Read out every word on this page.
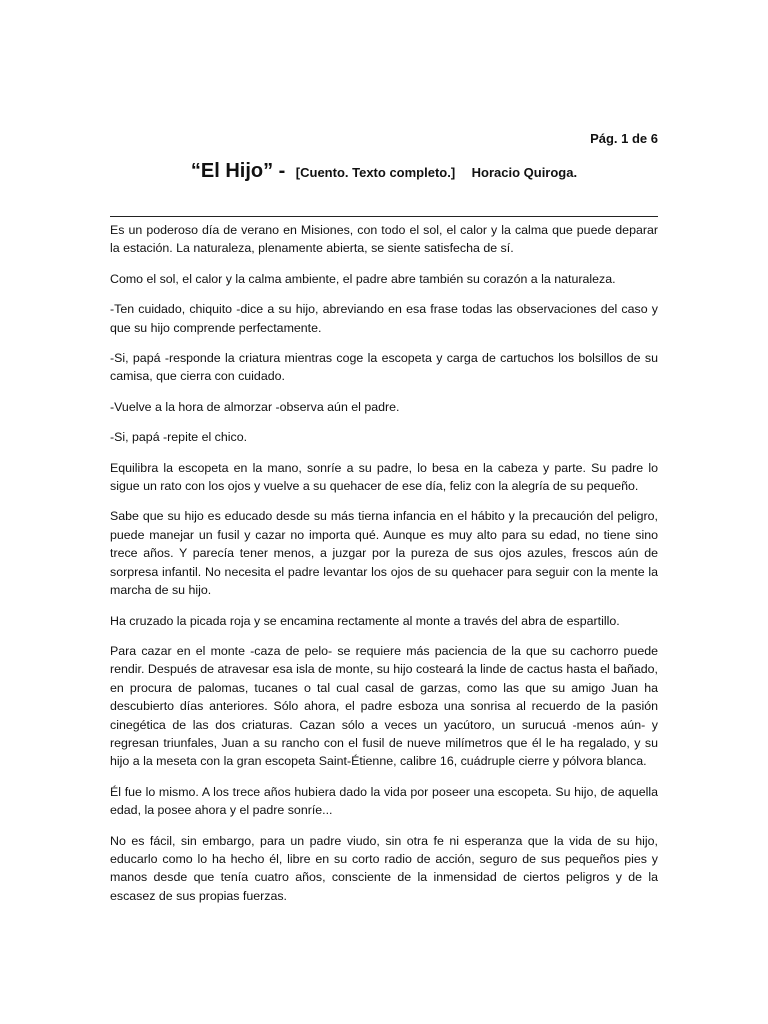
Pág. 1 de 6
“El Hijo” - [Cuento. Texto completo.] Horacio Quiroga.

Es un poderoso día de verano en Misiones, con todo el sol, el calor y la calma que puede deparar la estación. La naturaleza, plenamente abierta, se siente satisfecha de sí.

Como el sol, el calor y la calma ambiente, el padre abre también su corazón a la naturaleza.

-Ten cuidado, chiquito -dice a su hijo, abreviando en esa frase todas las observaciones del caso y que su hijo comprende perfectamente.

-Si, papá -responde la criatura mientras coge la escopeta y carga de cartuchos los bolsillos de su camisa, que cierra con cuidado.

-Vuelve a la hora de almorzar -observa aún el padre.

-Si, papá -repite el chico.

Equilibra la escopeta en la mano, sonríe a su padre, lo besa en la cabeza y parte. Su padre lo sigue un rato con los ojos y vuelve a su quehacer de ese día, feliz con la alegría de su pequeño.

Sabe que su hijo es educado desde su más tierna infancia en el hábito y la precaución del peligro, puede manejar un fusil y cazar no importa qué. Aunque es muy alto para su edad, no tiene sino trece años. Y parecía tener menos, a juzgar por la pureza de sus ojos azules, frescos aún de sorpresa infantil. No necesita el padre levantar los ojos de su quehacer para seguir con la mente la marcha de su hijo.

Ha cruzado la picada roja y se encamina rectamente al monte a través del abra de espartillo.

Para cazar en el monte -caza de pelo- se requiere más paciencia de la que su cachorro puede rendir. Después de atravesar esa isla de monte, su hijo costeará la linde de cactus hasta el bañado, en procura de palomas, tucanes o tal cual casal de garzas, como las que su amigo Juan ha descubierto días anteriores. Sólo ahora, el padre esboza una sonrisa al recuerdo de la pasión cinegética de las dos criaturas. Cazan sólo a veces un yacútoro, un surucuá -menos aún- y regresan triunfales, Juan a su rancho con el fusil de nueve milímetros que él le ha regalado, y su hijo a la meseta con la gran escopeta Saint-Étienne, calibre 16, cuádruple cierre y pólvora blanca.

Él fue lo mismo. A los trece años hubiera dado la vida por poseer una escopeta. Su hijo, de aquella edad, la posee ahora y el padre sonríe...

No es fácil, sin embargo, para un padre viudo, sin otra fe ni esperanza que la vida de su hijo, educarlo como lo ha hecho él, libre en su corto radio de acción, seguro de sus pequeños pies y manos desde que tenía cuatro años, consciente de la inmensidad de ciertos peligros y de la escasez de sus propias fuerzas.
